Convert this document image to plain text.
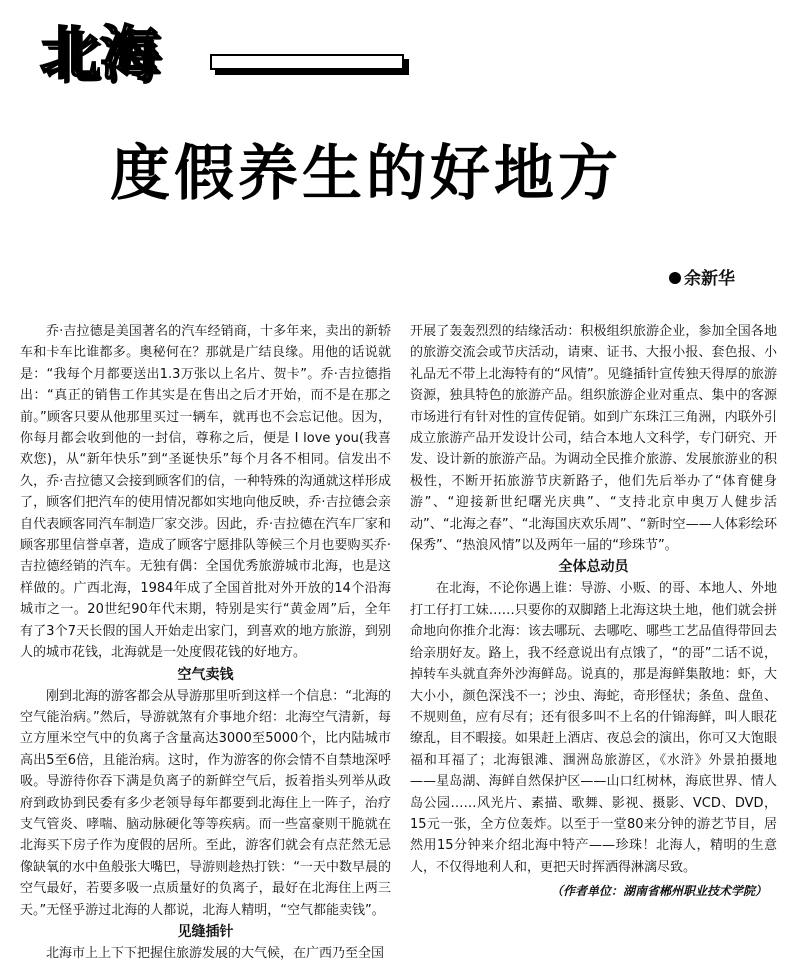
北海
度假养生的好地方
余新华

乔·吉拉德是美国著名的汽车经销商，十多年来，卖出的新轿车和卡车比谁都多。奥秘何在？那就是广结良缘。用他的话说就是：“我每个月都要送出1.3万张以上名片、贺卡”。乔·吉拉德指出：“真正的销售工作其实是在售出之后才开始，而不是在那之前。”顾客只要从他那里买过一辆车，就再也不会忘记他。因为，你每月都会收到他的一封信，尊称之后，便是 I love you(我喜欢您)，从“新年快乐”到“圣诞快乐”每个月各不相同。信发出不久，乔·吉拉德又会接到顾客们的信，一种特殊的沟通就这样形成了，顾客们把汽车的使用情况都如实地向他反映，乔·吉拉德会亲自代表顾客同汽车制造厂家交涉。因此，乔·吉拉德在汽车厂家和顾客那里信誉卓著，造成了顾客宁愿排队等候三个月也要购买乔·吉拉德经销的汽车。无独有偶：全国优秀旅游城市北海，也是这样做的。广西北海，1984年成了全国首批对外开放的14个沿海城市之一。20世纪90年代末期，特别是实行“黄金周”后，全年有了3个7天长假的国人开始走出家门，到喜欢的地方旅游，到别人的城市花钱，北海就是一处度假花钱的好地方。

空气卖钱

刚到北海的游客都会从导游那里听到这样一个信息：“北海的空气能治病。”然后，导游就煞有介事地介绍：北海空气清新，每立方厘米空气中的负离子含量高达3000至5000个，比内陆城市高出5至6倍，且能治病。这时，作为游客的你会情不自禁地深呼吸。导游待你吞下满是负离子的新鲜空气后，扳着指头列举从政府到政协到民委有多少老领导每年都要到北海住上一阵子，治疗支气管炎、哮喘、脑动脉硬化等等疾病。而一些富豪则干脆就在北海买下房子作为度假的居所。至此，游客们就会有点茫然无忌像缺氧的水中鱼般张大嘴巴，导游则趁热打铁：“一天中数早晨的空气最好，若要多吸一点质量好的负离子，最好在北海住上两三天。”无怪乎游过北海的人都说，北海人精明，“空气都能卖钱”。

见缝插针

北海市上上下下把握住旅游发展的大气候，在广西乃至全国

开展了轰轰烈烈的结缘活动：积极组织旅游企业，参加全国各地的旅游交流会或节庆活动，请柬、证书、大报小报、套色报、小礼品无不带上北海特有的“风情”。见缝插针宣传独天得厚的旅游资源，独具特色的旅游产品。组织旅游企业对重点、集中的客源市场进行有针对性的宣传促销。如到广东珠江三角洲，内联外引成立旅游产品开发设计公司，结合本地人文科学，专门研究、开发、设计新的旅游产品。为调动全民推介旅游、发展旅游业的积极性，不断开拓旅游节庆新路子，他们先后举办了“体育健身游”、“迎接新世纪曙光庆典”、“支持北京申奥万人健步活动”、“北海之春”、“北海国庆欢乐周”、“新时空——人体彩绘环保秀”、“热浪风情”以及两年一届的“珍珠节”。

全体总动员

在北海，不论你遇上谁：导游、小贩、的哥、本地人、外地打工仔打工妹……只要你的双脚踏上北海这块土地，他们就会拼命地向你推介北海：该去哪玩、去哪吃、哪些工艺品值得带回去给亲朋好友。路上，我不经意说出有点饿了，“的哥”二话不说，掉转车头就直奔外沙海鲜岛。说真的，那是海鲜集散地：虾，大大小小，颜色深浅不一；沙虫、海蛇，奇形怪状；条鱼、盘鱼、不规则鱼，应有尽有；还有很多叫不上名的什锦海鲜，叫人眼花缭乱，目不暇接。如果赶上酒店、夜总会的演出，你可又大饱眼福和耳福了；北海银滩、涠洲岛旅游区，《水浒》外景拍摄地——星岛湖、海鲜自然保护区——山口红树林，海底世界、情人岛公园……风光片、素描、歌舞、影视、摄影、VCD、DVD，15元一张，全方位轰炸。以至于一堂80来分钟的游艺节目，居然用15分钟来介绍北海中特产——珍珠！北海人，精明的生意人，不仅得地利人和，更把天时挥洒得淋漓尽致。

（作者单位：湖南省郴州职业技术学院）
